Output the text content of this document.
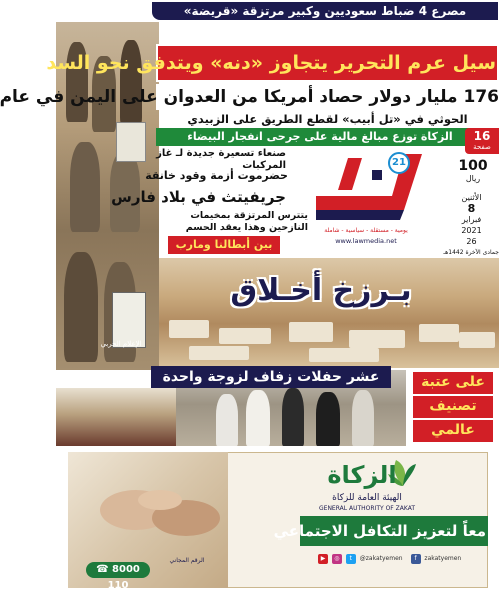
مصرع 4 ضباط سعوديين وكبير مرتزقة «قريضة»
الإعلام الحربي
سيل عرم التحرير يتجاوز «دنه» ويتدفق نحو السد
176 مليار دولار حصاد أمريكا من العدوان على اليمن في عام
الحوثي في «تل أبيب» لقطع الطريق على الزبيدي
الزكاة توزع مبالغ مالية على جرحى انفجار البيضاء	16
صفحة
21
يومية - مستقلة - سياسية - شاملة
www.lawmedia.net
100
ريال
الأثنين
8
فبراير
2021
26
جمادى الآخرة 1442هـ
صنعاء تسعيرة جديدة لـ غاز المركبات
حضرموت أزمة وقود خانقة
جريفيتث في بلاد فارس
يتترس المرتزقة بمخيمات النازحين وهذا يعقد الحسم
بين أبطالنا ومارب
بـرزخ أخـلاق
عشر حفلات زفاف لزوجة واحدة	على عتبة
تصنيف
عالمي
الزكاة
الهيئة العامة للزكاة
GENERAL AUTHORITY OF ZAKAT
معاً لتعزيز التكافل الاجتماعي
▶ ◎ t @zakatyemen f zakatyemen
☎ 8000 110
الرقم المجاني
